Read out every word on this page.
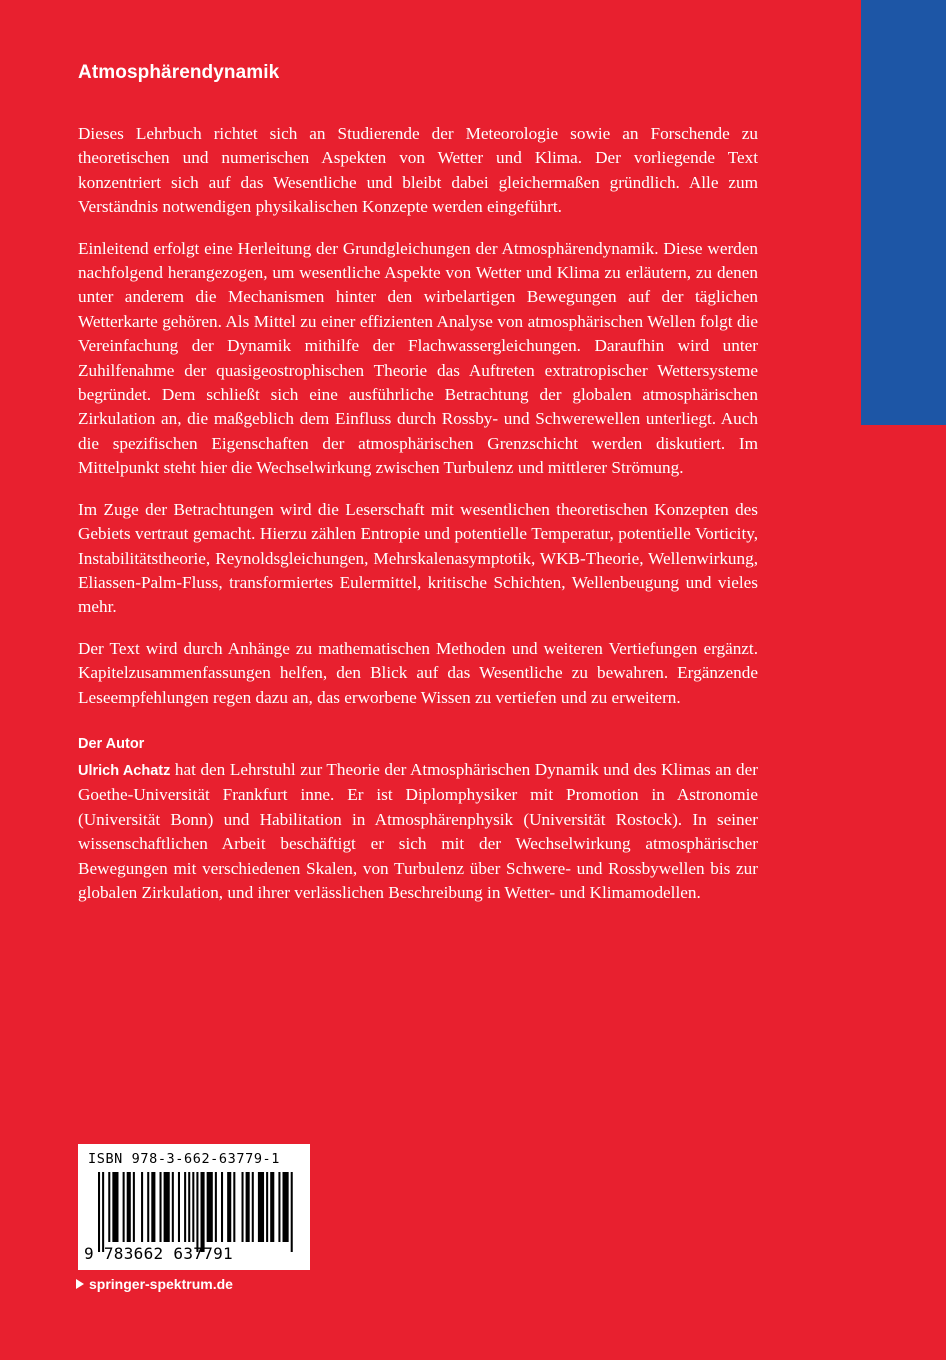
Atmosphärendynamik

Dieses Lehrbuch richtet sich an Studierende der Meteorologie sowie an Forschende zu theoretischen und numerischen Aspekten von Wetter und Klima. Der vorliegende Text konzentriert sich auf das Wesentliche und bleibt dabei gleichermaßen gründlich. Alle zum Verständnis notwendigen physikalischen Konzepte werden eingeführt.

Einleitend erfolgt eine Herleitung der Grundgleichungen der Atmosphärendynamik. Diese werden nachfolgend herangezogen, um wesentliche Aspekte von Wetter und Klima zu erläutern, zu denen unter anderem die Mechanismen hinter den wirbelartigen Bewegungen auf der täglichen Wetterkarte gehören. Als Mittel zu einer effizienten Analyse von atmosphärischen Wellen folgt die Vereinfachung der Dynamik mithilfe der Flachwassergleichungen. Daraufhin wird unter Zuhilfenahme der quasigeostrophischen Theorie das Auftreten extratropischer Wettersysteme begründet. Dem schließt sich eine ausführliche Betrachtung der globalen atmosphärischen Zirkulation an, die maßgeblich dem Einfluss durch Rossby- und Schwerewellen unterliegt. Auch die spezifischen Eigenschaften der atmosphärischen Grenzschicht werden diskutiert. Im Mittelpunkt steht hier die Wechselwirkung zwischen Turbulenz und mittlerer Strömung.

Im Zuge der Betrachtungen wird die Leserschaft mit wesentlichen theoretischen Konzepten des Gebiets vertraut gemacht. Hierzu zählen Entropie und potentielle Temperatur, potentielle Vorticity, Instabilitätstheorie, Reynoldsgleichungen, Mehrskalenasymptotik, WKB-Theorie, Wellenwirkung, Eliassen-Palm-Fluss, transformiertes Eulermittel, kritische Schichten, Wellenbeugung und vieles mehr.

Der Text wird durch Anhänge zu mathematischen Methoden und weiteren Vertiefungen ergänzt. Kapitelzusammenfassungen helfen, den Blick auf das Wesentliche zu bewahren. Ergänzende Leseempfehlungen regen dazu an, das erworbene Wissen zu vertiefen und zu erweitern.

Der Autor

Ulrich Achatz hat den Lehrstuhl zur Theorie der Atmosphärischen Dynamik und des Klimas an der Goethe-Universität Frankfurt inne. Er ist Diplomphysiker mit Promotion in Astronomie (Universität Bonn) und Habilitation in Atmosphärenphysik (Universität Rostock). In seiner wissenschaftlichen Arbeit beschäftigt er sich mit der Wechselwirkung atmosphärischer Bewegungen mit verschiedenen Skalen, von Turbulenz über Schwere- und Rossbywellen bis zur globalen Zirkulation, und ihrer verlässlichen Beschreibung in Wetter- und Klimamodellen.

ISBN 978-3-662-63779-1
9 783662 637791
springer-spektrum.de
